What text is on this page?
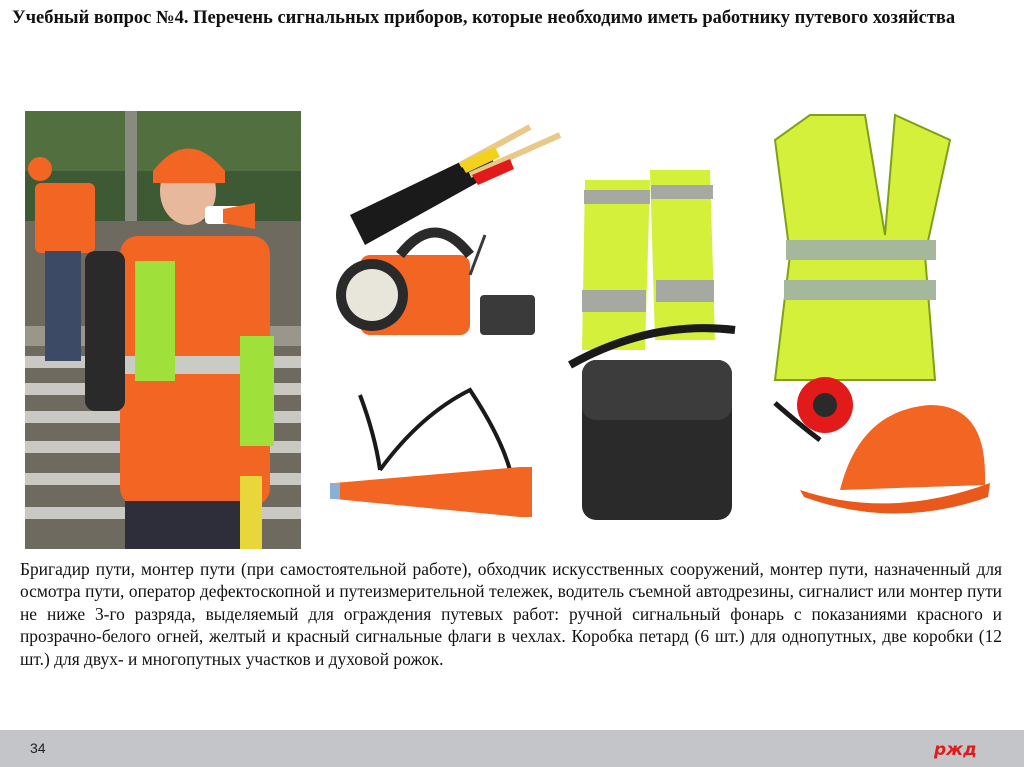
Учебный вопрос №4. Перечень сигнальных приборов, которые необходимо иметь работнику путевого хозяйства
Бригадир пути, монтер пути (при самостоятельной работе), обходчик искусственных сооружений, монтер пути, назначенный для осмотра пути, оператор дефектоскопной и путеизмерительной тележек, водитель съемной автодрезины, сигналист или монтер пути не ниже 3-го разряда, выделяемый для ограждения путевых работ: ручной сигнальный фонарь с показаниями красного и прозрачно-белого огней, желтый и красный сигнальные флаги в чехлах. Коробка петард (6 шт.) для однопутных, две коробки (12 шт.) для двух- и многопутных участков и духовой рожок.
34	ржд
